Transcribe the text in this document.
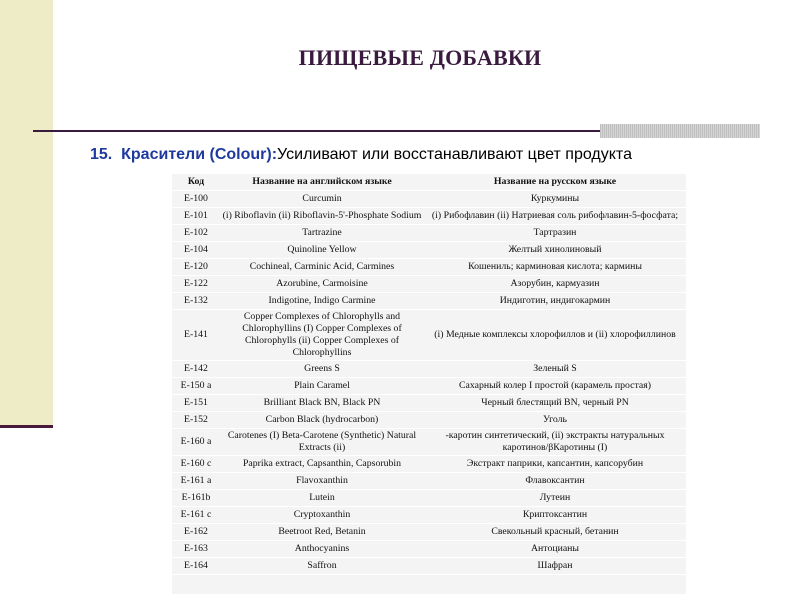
ПИЩЕВЫЕ ДОБАВКИ
15. Красители (Colour):Усиливают или восстанавливают цвет продукта
Код	Название на английском языке	Название на русском языке
E-100	Curcumin	Куркумины
E-101	(i) Riboflavin (ii) Riboflavin-5'-Phosphate Sodium	(i) Рибофлавин (ii) Натриевая соль рибофлавин-5-фосфата;
E-102	Tartrazine	Тартразин
E-104	Quinoline Yellow	Желтый хинолиновый
E-120	Cochineal, Carminic Acid, Carmines	Кошениль; карминовая кислота; кармины
E-122	Azorubine, Carmoisine	Азорубин, кармуазин
E-132	Indigotine, Indigo Carmine	Индиготин, индигокармин
E-141	Copper Complexes of Chlorophylls and Chlorophyllins (I) Copper Complexes of Chlorophylls (ii) Copper Complexes of Chlorophyllins	(i) Медные комплексы хлорофиллов и (ii) хлорофиллинов
E-142	Greens S	Зеленый S
E-150 a	Plain Caramel	Сахарный колер I простой (карамель простая)
E-151	Brilliant Black BN, Black PN	Черный блестящий BN, черный PN
E-152	Carbon Black (hydrocarbon)	Уголь
E-160 a	Carotenes (I) Beta-Carotene (Synthetic) Natural Extracts (ii)	-каротин синтетический, (ii) экстракты натуральных каротинов/βКаротины (I)
E-160 c	Paprika extract, Capsanthin, Capsorubin	Экстракт паприки, капсантин, капсорубин
E-161 a	Flavoxanthin	Флавоксантин
E-161b	Lutein	Лутеин
E-161 c	Cryptoxanthin	Криптоксантин
E-162	Beetroot Red, Betanin	Свекольный красный, бетанин
E-163	Anthocyanins	Антоцианы
E-164	Saffron	Шафран
